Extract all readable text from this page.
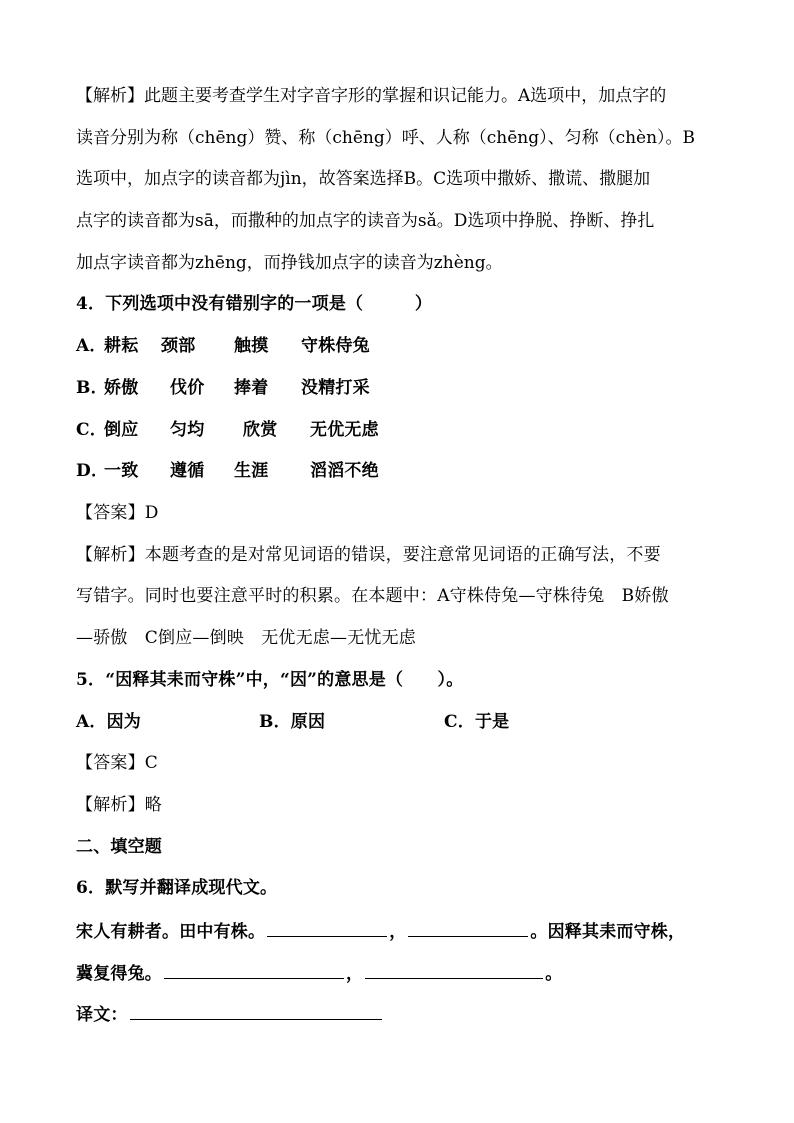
【解析】此题主要考查学生对字音字形的掌握和识记能力。A选项中，加点字的
读音分别为称（chēng）赞、称（chēng）呼、人称（chēng）、匀称（chèn）。B
选项中，加点字的读音都为jìn，故答案选择B。C选项中撒娇、撒谎、撒腿加
点字的读音都为sā，而撒种的加点字的读音为sǎ。D选项中挣脱、挣断、挣扎
加点字读音都为zhēng，而挣钱加点字的读音为zhèng。
4．下列选项中没有错别字的一项是（　　　）
A．
耕耘 颈部 触摸 守株侍兔
B．
娇傲 伐价 捧着 没精打采
C．
倒应 匀均 欣赏 无优无虑
D．
一致 遵循 生涯 滔滔不绝
【答案】D
【解析】本题考查的是对常见词语的错误，要注意常见词语的正确写法，不要
写错字。同时也要注意平时的积累。在本题中：A守株侍兔—守株待兔　B娇傲
—骄傲　C倒应—倒映　无优无虑—无忧无虑
5．“因释其耒而守株”中，“因”的意思是（　　）。
A．因为	B．原因	C．于是
【答案】C
【解析】略
二、填空题
6．默写并翻译成现代文。
宋人有耕者。田中有株。	，	。因释其耒而守株，
冀复得兔。	，	。
译文：
